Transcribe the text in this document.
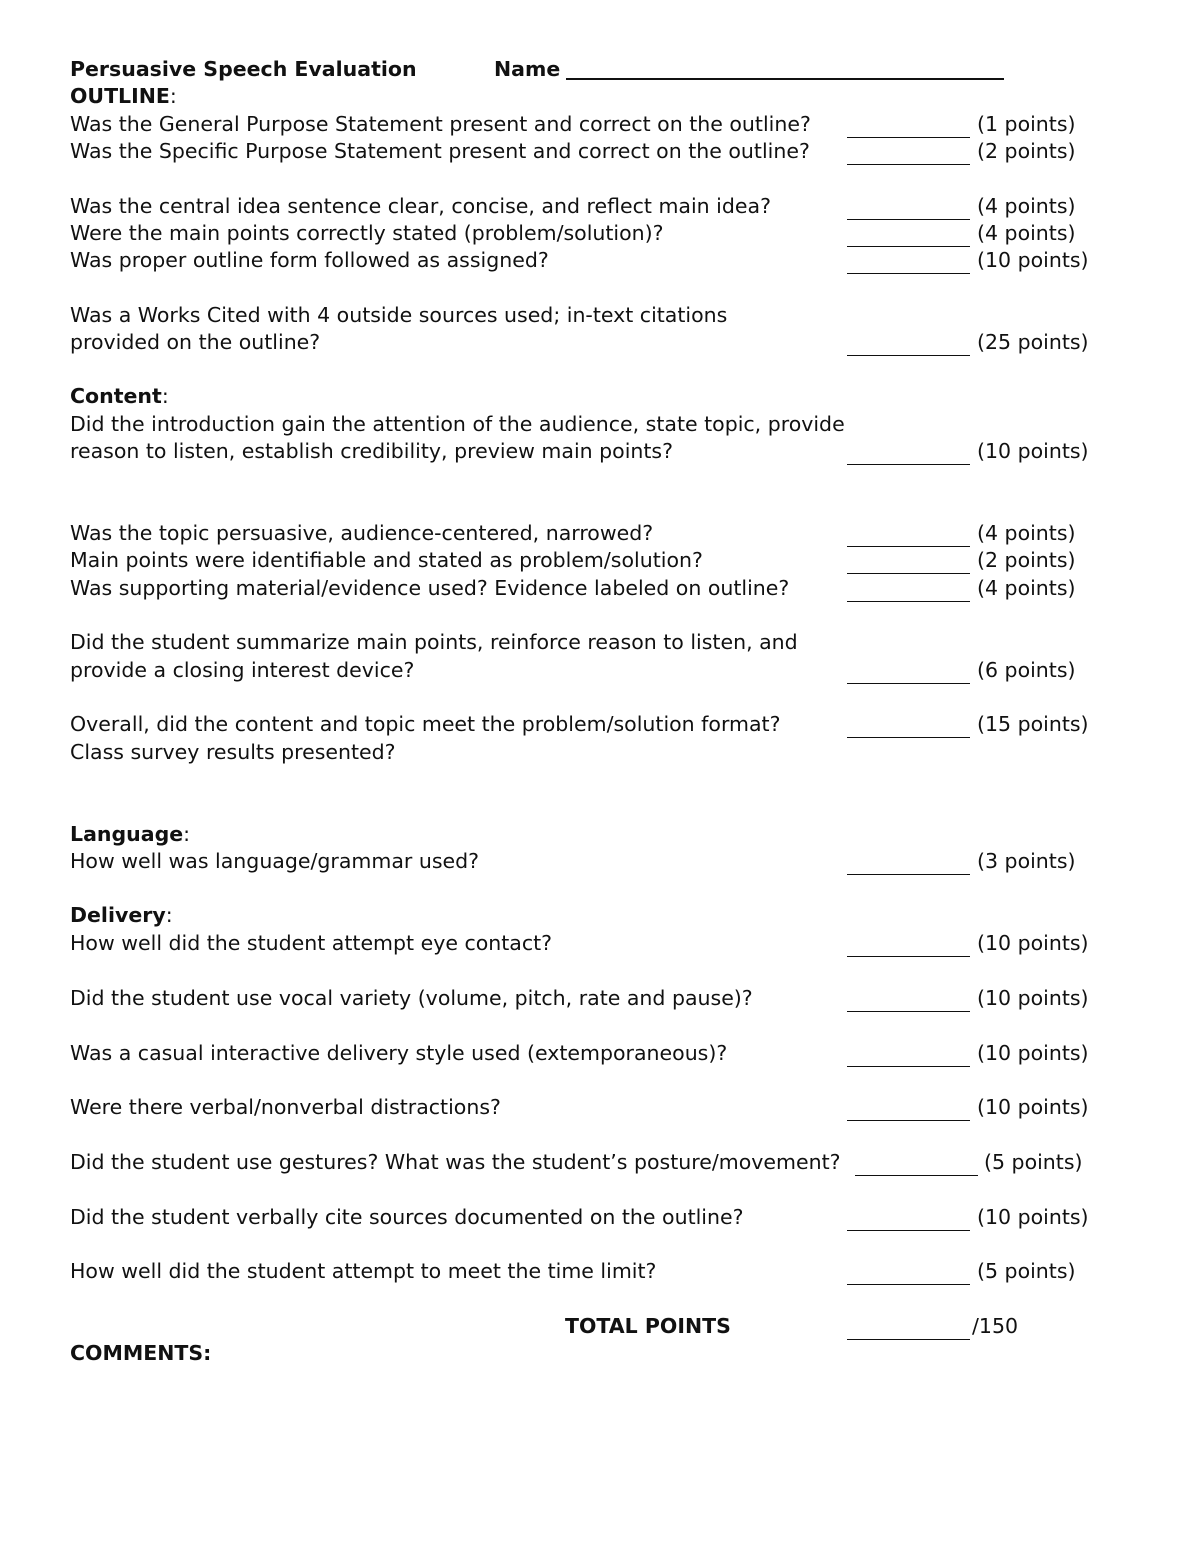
Persuasive Speech Evaluation	Name
OUTLINE:
Was the General Purpose Statement present and correct on the outline?	(1 points)
Was the Specific Purpose Statement present and correct on the outline?	(2 points)
Was the central idea sentence clear, concise, and reflect main idea?	(4 points)
Were the main points correctly stated (problem/solution)?	(4 points)
Was proper outline form followed as assigned?	(10 points)
Was a Works Cited with 4 outside sources used; in-text citations
provided on the outline?	(25 points)
Content:
Did the introduction gain the attention of the audience, state topic, provide
reason to listen, establish credibility, preview main points?	(10 points)
Was the topic persuasive, audience-centered, narrowed?	(4 points)
Main points were identifiable and stated as problem/solution?	(2 points)
Was supporting material/evidence used? Evidence labeled on outline?	(4 points)
Did the student summarize main points, reinforce reason to listen, and
provide a closing interest device?	(6 points)
Overall, did the content and topic meet the problem/solution format?	(15 points)
Class survey results presented?
Language:
How well was language/grammar used?	(3 points)
Delivery:
How well did the student attempt eye contact?	(10 points)
Did the student use vocal variety (volume, pitch, rate and pause)?	(10 points)
Was a casual interactive delivery style used (extemporaneous)?	(10 points)
Were there verbal/nonverbal distractions?	(10 points)
Did the student use gestures? What was the student’s posture/movement?	(5 points)
Did the student verbally cite sources documented on the outline?	(10 points)
How well did the student attempt to meet the time limit?	(5 points)
TOTAL POINTS	/150
COMMENTS:
